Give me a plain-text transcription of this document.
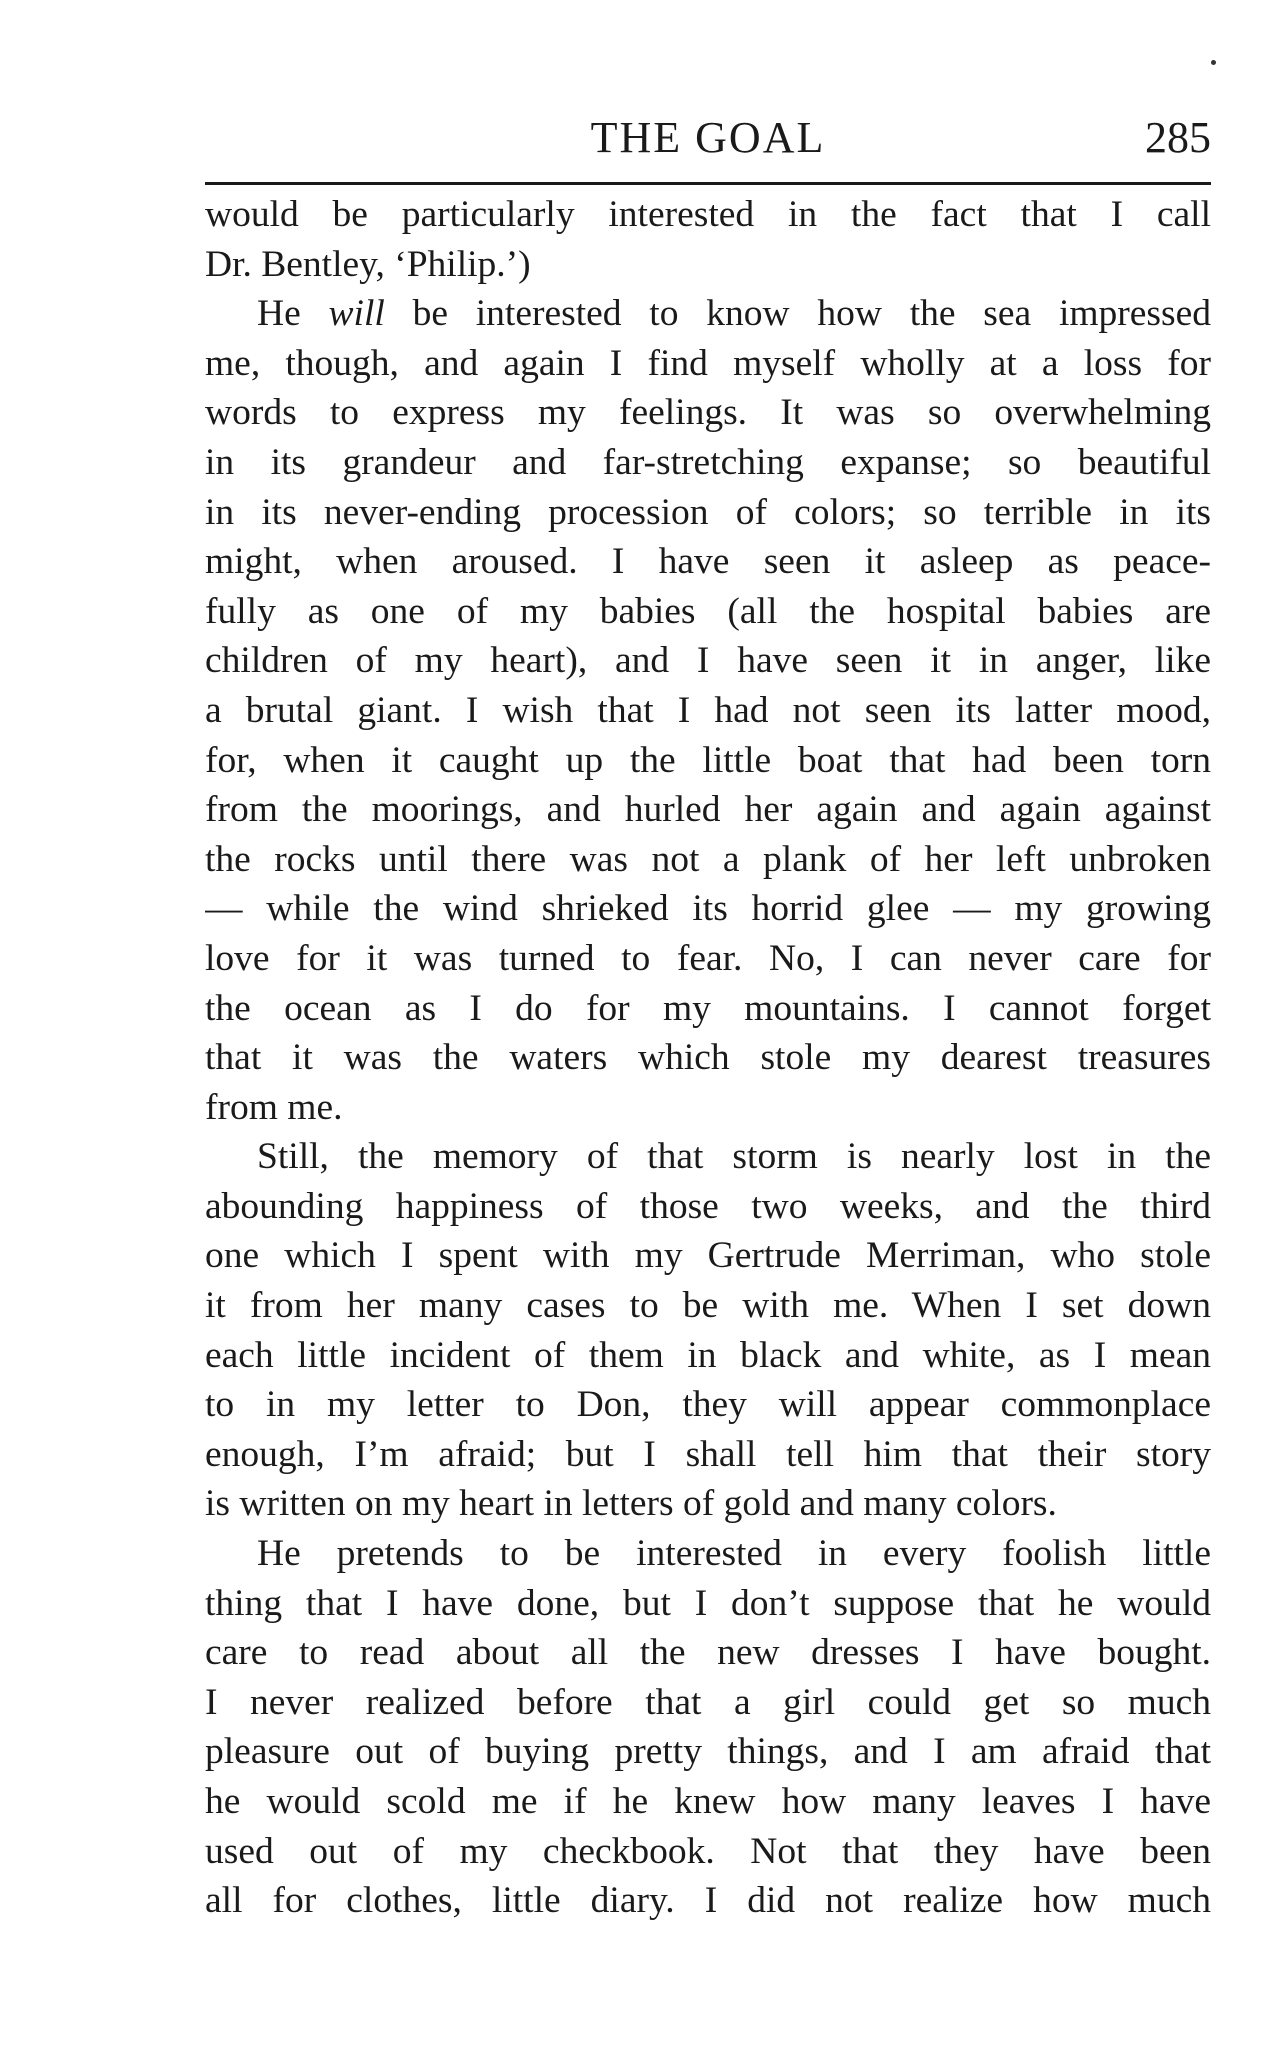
THE GOAL	285
would be particularly interested in the fact that I call
Dr. Bentley, ‘Philip.’)
He will be interested to know how the sea impressed
me, though, and again I find myself wholly at a loss for
words to express my feelings. It was so overwhelming
in its grandeur and far-stretching expanse; so beautiful
in its never-ending procession of colors; so terrible in its
might, when aroused. I have seen it asleep as peace-
fully as one of my babies (all the hospital babies are
children of my heart), and I have seen it in anger, like
a brutal giant. I wish that I had not seen its latter mood,
for, when it caught up the little boat that had been torn
from the moorings, and hurled her again and again against
the rocks until there was not a plank of her left unbroken
— while the wind shrieked its horrid glee — my growing
love for it was turned to fear. No, I can never care for
the ocean as I do for my mountains. I cannot forget
that it was the waters which stole my dearest treasures
from me.
Still, the memory of that storm is nearly lost in the
abounding happiness of those two weeks, and the third
one which I spent with my Gertrude Merriman, who stole
it from her many cases to be with me. When I set down
each little incident of them in black and white, as I mean
to in my letter to Don, they will appear commonplace
enough, I’m afraid; but I shall tell him that their story
is written on my heart in letters of gold and many colors.
He pretends to be interested in every foolish little
thing that I have done, but I don’t suppose that he would
care to read about all the new dresses I have bought.
I never realized before that a girl could get so much
pleasure out of buying pretty things, and I am afraid that
he would scold me if he knew how many leaves I have
used out of my checkbook. Not that they have been
all for clothes, little diary. I did not realize how much
